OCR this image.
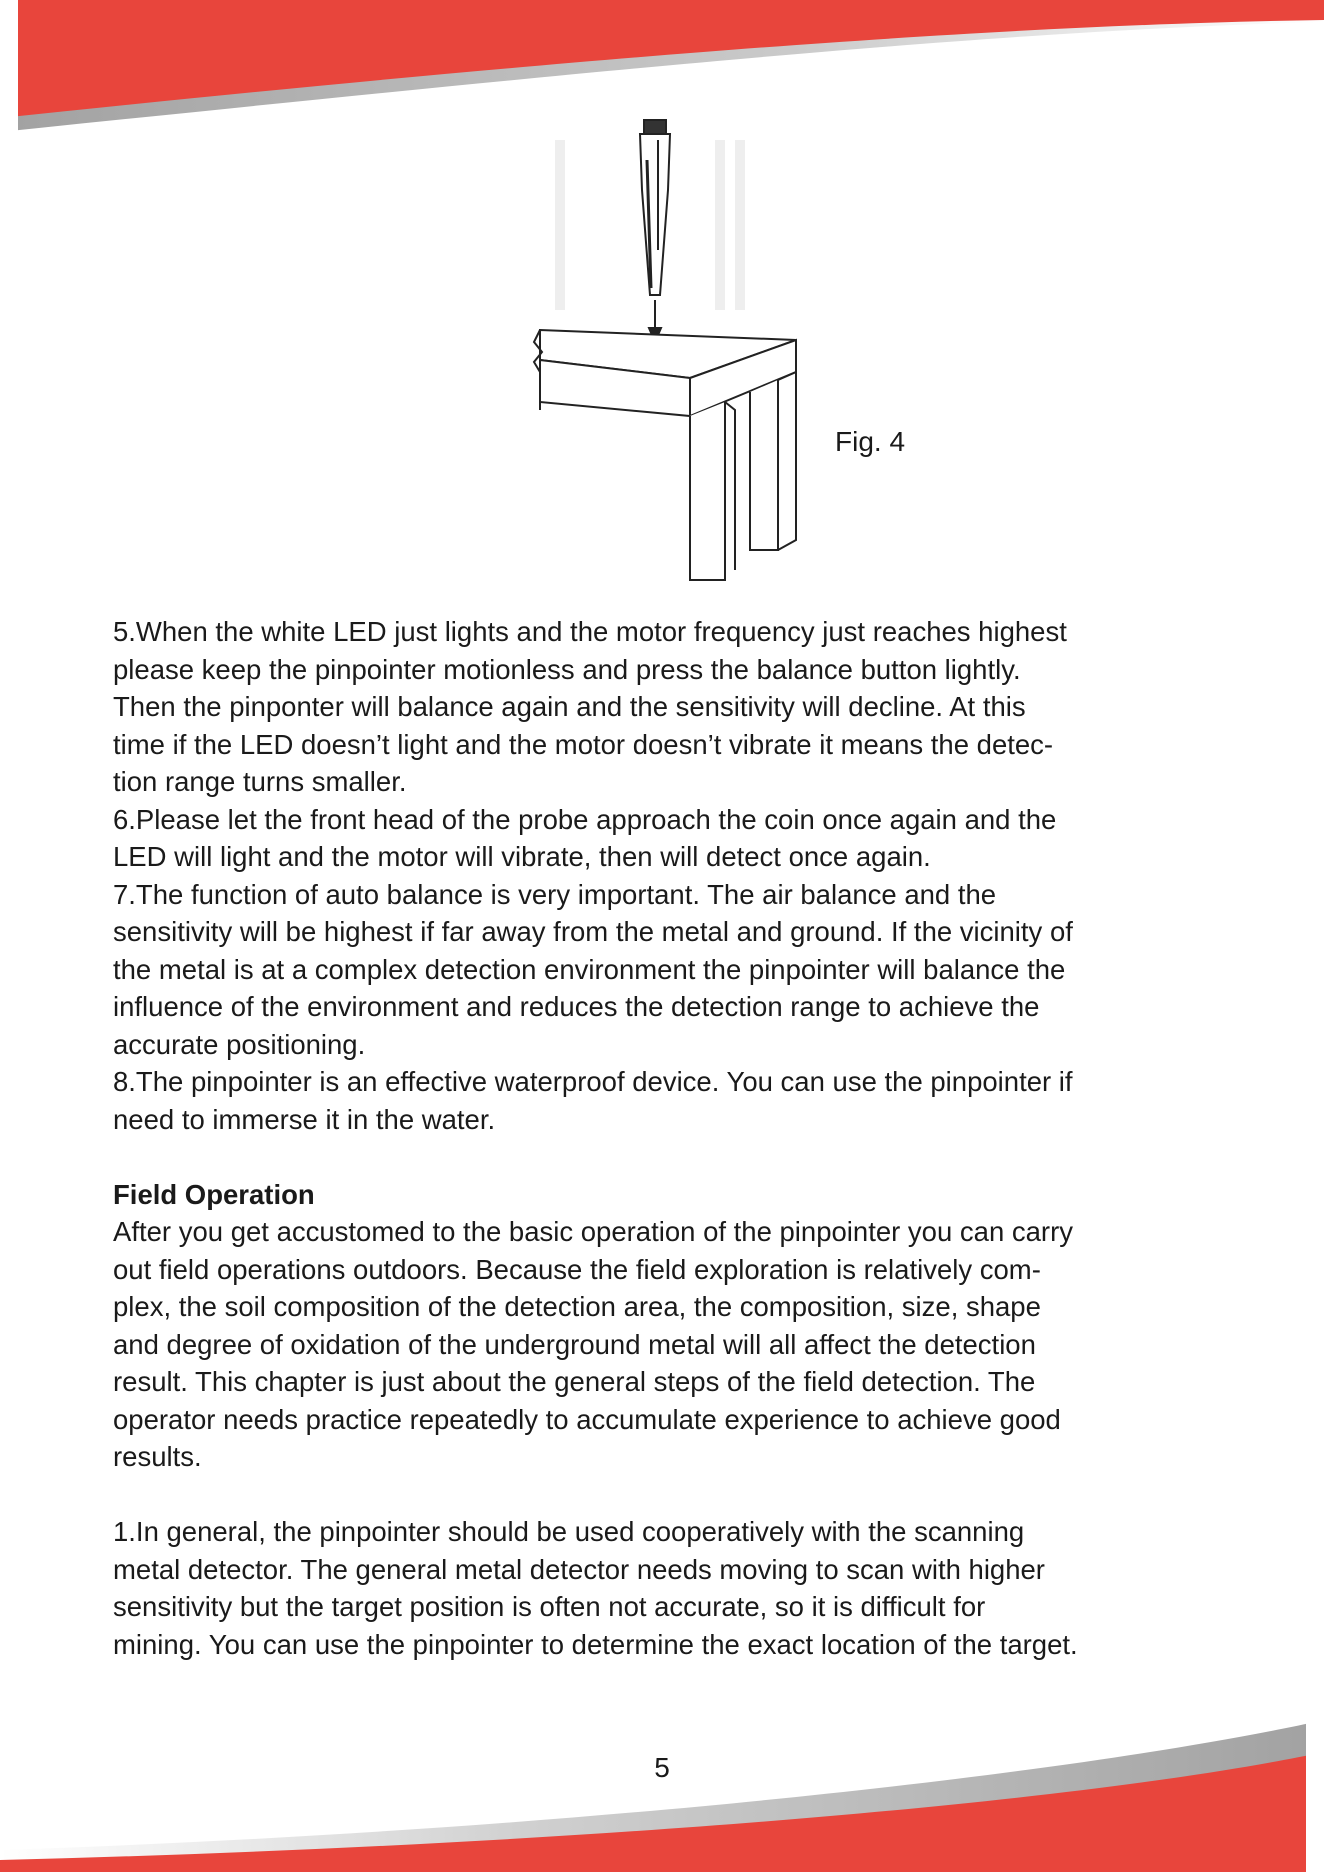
Fig. 4
5.When the white LED just lights and the motor frequency just reaches highest
please keep the pinpointer motionless and press the balance button lightly.
Then the pinponter will balance again and the sensitivity will decline. At this
time if the LED doesn’t light and the motor doesn’t vibrate it means the detec-
tion range turns smaller.
6.Please let the front head of the probe approach the coin once again and the
LED will light and the motor will vibrate, then will detect once again.
7.The function of auto balance is very important. The air balance and the
sensitivity will be highest if far away from the metal and ground. If the vicinity of
the metal is at a complex detection environment the pinpointer will balance the
influence of the environment and reduces the detection range to achieve the
accurate positioning.
8.The pinpointer is an effective waterproof device. You can use the pinpointer if
need to immerse it in the water.

Field Operation

After you get accustomed to the basic operation of the pinpointer you can carry
out field operations outdoors. Because the field exploration is relatively com-
plex, the soil composition of the detection area, the composition, size, shape
and degree of oxidation of the underground metal will all affect the detection
result. This chapter is just about the general steps of the field detection. The
operator needs practice repeatedly to accumulate experience to achieve good
results.
1.In general, the pinpointer should be used cooperatively with the scanning
metal detector. The general metal detector needs moving to scan with higher
sensitivity but the target position is often not accurate, so it is difficult for
mining. You can use the pinpointer to determine the exact location of the target.
5
